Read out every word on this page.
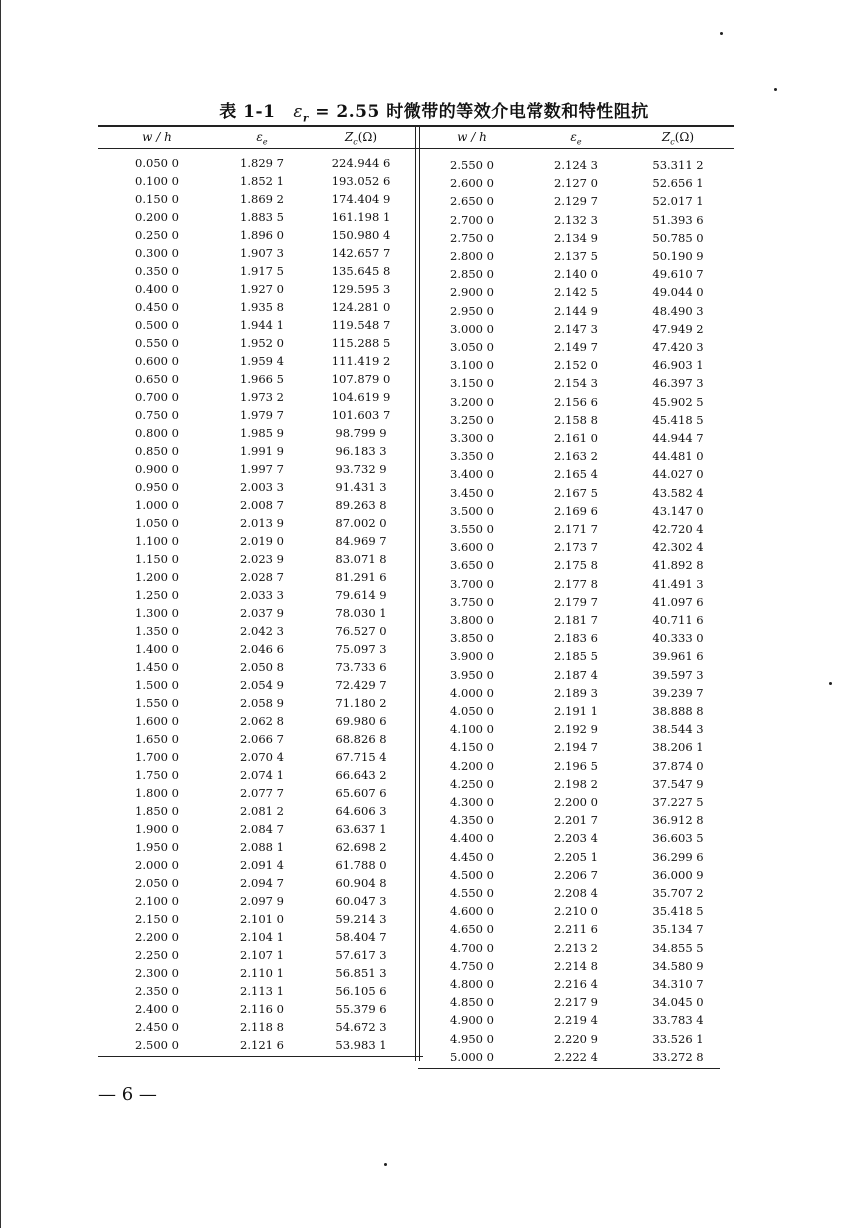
表 1-1 $\varepsilon_r = 2.55$ 时微带的等效介电常数和特性阻抗
w / h	$\varepsilon_e$	$Z_c(\Omega)$	w / h	$\varepsilon_e$	$Z_c(\Omega)$
0.050 0	1.829 7	224.944 6
0.100 0	1.852 1	193.052 6
0.150 0	1.869 2	174.404 9
0.200 0	1.883 5	161.198 1
0.250 0	1.896 0	150.980 4
0.300 0	1.907 3	142.657 7
0.350 0	1.917 5	135.645 8
0.400 0	1.927 0	129.595 3
0.450 0	1.935 8	124.281 0
0.500 0	1.944 1	119.548 7
0.550 0	1.952 0	115.288 5
0.600 0	1.959 4	111.419 2
0.650 0	1.966 5	107.879 0
0.700 0	1.973 2	104.619 9
0.750 0	1.979 7	101.603 7
0.800 0	1.985 9	98.799 9
0.850 0	1.991 9	96.183 3
0.900 0	1.997 7	93.732 9
0.950 0	2.003 3	91.431 3
1.000 0	2.008 7	89.263 8
1.050 0	2.013 9	87.002 0
1.100 0	2.019 0	84.969 7
1.150 0	2.023 9	83.071 8
1.200 0	2.028 7	81.291 6
1.250 0	2.033 3	79.614 9
1.300 0	2.037 9	78.030 1
1.350 0	2.042 3	76.527 0
1.400 0	2.046 6	75.097 3
1.450 0	2.050 8	73.733 6
1.500 0	2.054 9	72.429 7
1.550 0	2.058 9	71.180 2
1.600 0	2.062 8	69.980 6
1.650 0	2.066 7	68.826 8
1.700 0	2.070 4	67.715 4
1.750 0	2.074 1	66.643 2
1.800 0	2.077 7	65.607 6
1.850 0	2.081 2	64.606 3
1.900 0	2.084 7	63.637 1
1.950 0	2.088 1	62.698 2
2.000 0	2.091 4	61.788 0
2.050 0	2.094 7	60.904 8
2.100 0	2.097 9	60.047 3
2.150 0	2.101 0	59.214 3
2.200 0	2.104 1	58.404 7
2.250 0	2.107 1	57.617 3
2.300 0	2.110 1	56.851 3
2.350 0	2.113 1	56.105 6
2.400 0	2.116 0	55.379 6
2.450 0	2.118 8	54.672 3
2.500 0	2.121 6	53.983 1
2.550 0	2.124 3	53.311 2
2.600 0	2.127 0	52.656 1
2.650 0	2.129 7	52.017 1
2.700 0	2.132 3	51.393 6
2.750 0	2.134 9	50.785 0
2.800 0	2.137 5	50.190 9
2.850 0	2.140 0	49.610 7
2.900 0	2.142 5	49.044 0
2.950 0	2.144 9	48.490 3
3.000 0	2.147 3	47.949 2
3.050 0	2.149 7	47.420 3
3.100 0	2.152 0	46.903 1
3.150 0	2.154 3	46.397 3
3.200 0	2.156 6	45.902 5
3.250 0	2.158 8	45.418 5
3.300 0	2.161 0	44.944 7
3.350 0	2.163 2	44.481 0
3.400 0	2.165 4	44.027 0
3.450 0	2.167 5	43.582 4
3.500 0	2.169 6	43.147 0
3.550 0	2.171 7	42.720 4
3.600 0	2.173 7	42.302 4
3.650 0	2.175 8	41.892 8
3.700 0	2.177 8	41.491 3
3.750 0	2.179 7	41.097 6
3.800 0	2.181 7	40.711 6
3.850 0	2.183 6	40.333 0
3.900 0	2.185 5	39.961 6
3.950 0	2.187 4	39.597 3
4.000 0	2.189 3	39.239 7
4.050 0	2.191 1	38.888 8
4.100 0	2.192 9	38.544 3
4.150 0	2.194 7	38.206 1
4.200 0	2.196 5	37.874 0
4.250 0	2.198 2	37.547 9
4.300 0	2.200 0	37.227 5
4.350 0	2.201 7	36.912 8
4.400 0	2.203 4	36.603 5
4.450 0	2.205 1	36.299 6
4.500 0	2.206 7	36.000 9
4.550 0	2.208 4	35.707 2
4.600 0	2.210 0	35.418 5
4.650 0	2.211 6	35.134 7
4.700 0	2.213 2	34.855 5
4.750 0	2.214 8	34.580 9
4.800 0	2.216 4	34.310 7
4.850 0	2.217 9	34.045 0
4.900 0	2.219 4	33.783 4
4.950 0	2.220 9	33.526 1
5.000 0	2.222 4	33.272 8
— 6 —
